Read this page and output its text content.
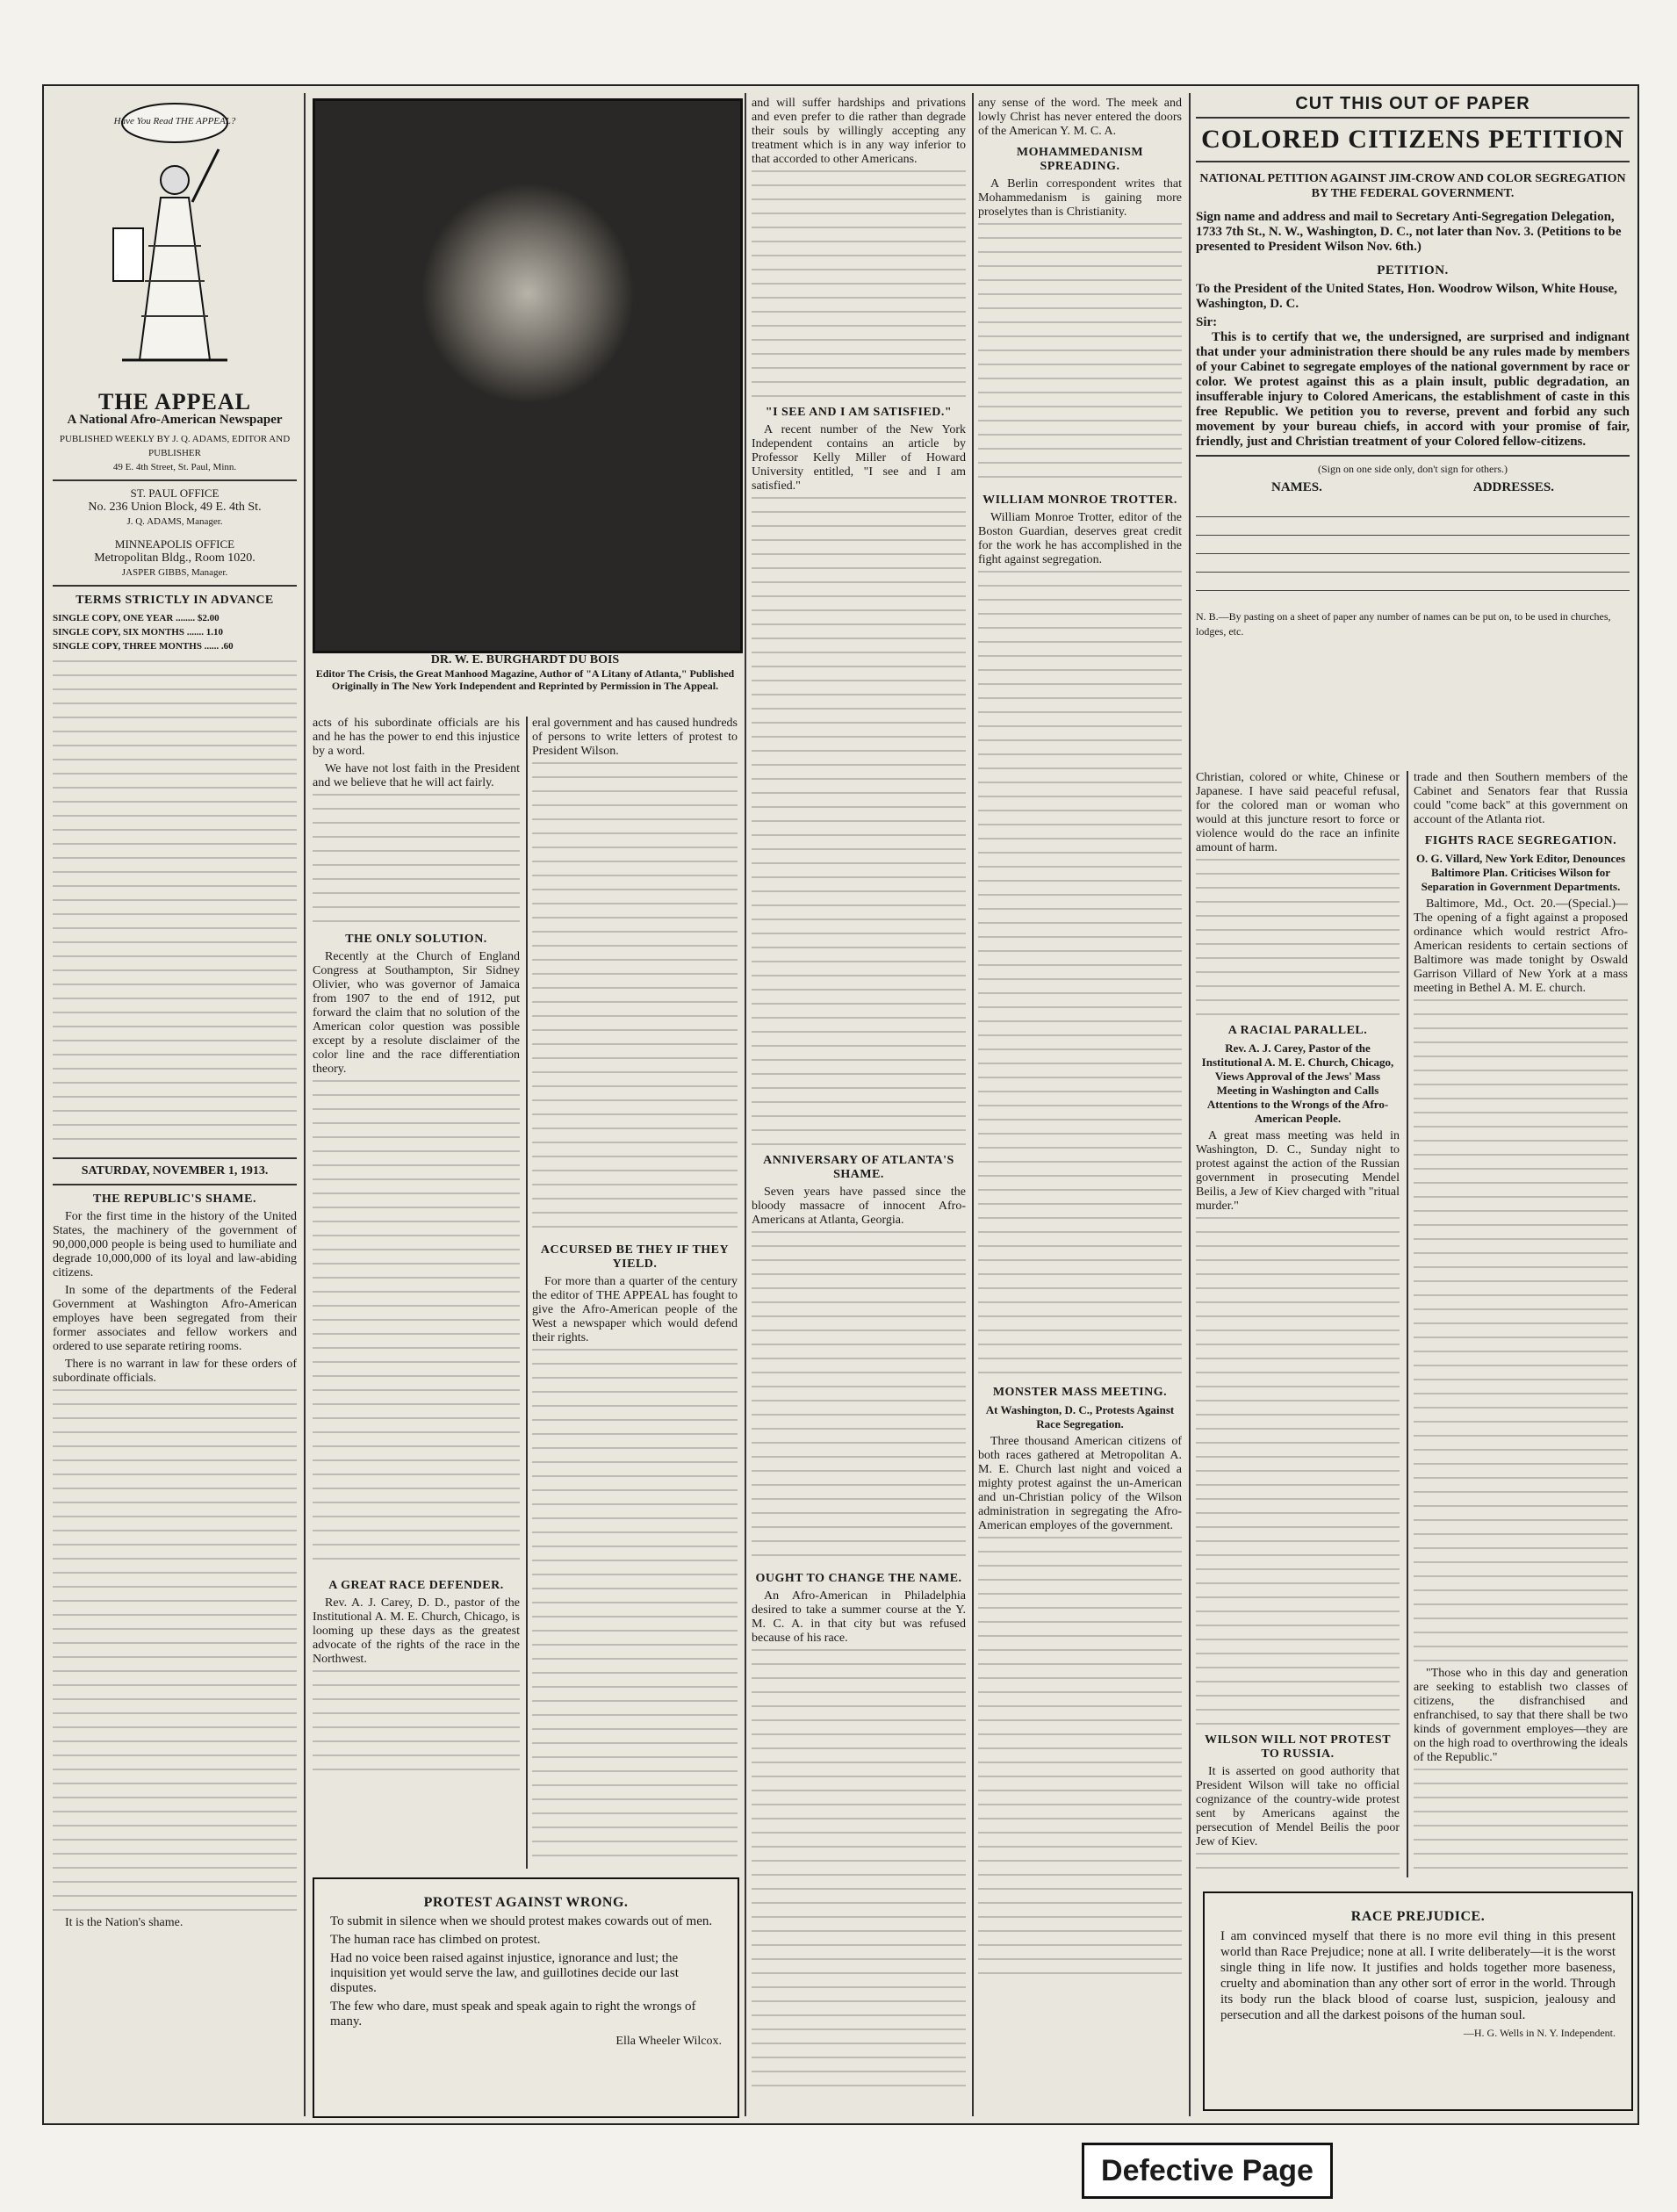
Have You Read THE APPEAL?
THE APPEAL
A National Afro-American Newspaper
PUBLISHED WEEKLY BY J. Q. ADAMS, EDITOR AND PUBLISHER
49 E. 4th Street, St. Paul, Minn.
ST. PAUL OFFICE
No. 236 Union Block, 49 E. 4th St.
J. Q. ADAMS, Manager.
MINNEAPOLIS OFFICE
Metropolitan Bldg., Room 1020.
JASPER GIBBS, Manager.
TERMS STRICTLY IN ADVANCE
SINGLE COPY, ONE YEAR ........ $2.00
SINGLE COPY, SIX MONTHS ....... 1.10
SINGLE COPY, THREE MONTHS ...... .60
SATURDAY, NOVEMBER 1, 1913.
THE REPUBLIC'S SHAME.

For the first time in the history of the United States, the machinery of the government of 90,000,000 people is being used to humiliate and degrade 10,000,000 of its loyal and law-abiding citizens.

In some of the departments of the Federal Government at Washington Afro-American employes have been segregated from their former associates and fellow workers and ordered to use separate retiring rooms.

There is no warrant in law for these orders of subordinate officials.

It is the Nation's shame.

DR. W. E. BURGHARDT DU BOIS
Editor The Crisis, the Great Manhood Magazine, Author of "A Litany of Atlanta," Published Originally in The New York Independent and Reprinted by Permission in The Appeal.

acts of his subordinate officials are his and he has the power to end this injustice by a word.

We have not lost faith in the President and we believe that he will act fairly.

THE ONLY SOLUTION.

Recently at the Church of England Congress at Southampton, Sir Sidney Olivier, who was governor of Jamaica from 1907 to the end of 1912, put forward the claim that no solution of the American color question was possible except by a resolute disclaimer of the color line and the race differentiation theory.

A GREAT RACE DEFENDER.

Rev. A. J. Carey, D. D., pastor of the Institutional A. M. E. Church, Chicago, is looming up these days as the greatest advocate of the rights of the race in the Northwest.

eral government and has caused hundreds of persons to write letters of protest to President Wilson.

ACCURSED BE THEY IF THEY YIELD.

For more than a quarter of the century the editor of THE APPEAL has fought to give the Afro-American people of the West a newspaper which would defend their rights.

PROTEST AGAINST WRONG.

To submit in silence when we should protest makes cowards out of men.

The human race has climbed on protest.

Had no voice been raised against injustice, ignorance and lust; the inquisition yet would serve the law, and guillotines decide our last disputes.

The few who dare, must speak and speak again to right the wrongs of many.

Ella Wheeler Wilcox.

and will suffer hardships and privations and even prefer to die rather than degrade their souls by willingly accepting any treatment which is in any way inferior to that accorded to other Americans.

"I SEE AND I AM SATISFIED."

A recent number of the New York Independent contains an article by Professor Kelly Miller of Howard University entitled, "I see and I am satisfied."

ANNIVERSARY OF ATLANTA'S SHAME.

Seven years have passed since the bloody massacre of innocent Afro-Americans at Atlanta, Georgia.

OUGHT TO CHANGE THE NAME.

An Afro-American in Philadelphia desired to take a summer course at the Y. M. C. A. in that city but was refused because of his race.

any sense of the word. The meek and lowly Christ has never entered the doors of the American Y. M. C. A.

MOHAMMEDANISM SPREADING.

A Berlin correspondent writes that Mohammedanism is gaining more proselytes than is Christianity.

WILLIAM MONROE TROTTER.

William Monroe Trotter, editor of the Boston Guardian, deserves great credit for the work he has accomplished in the fight against segregation.

MONSTER MASS MEETING.
At Washington, D. C., Protests Against Race Segregation.

Three thousand American citizens of both races gathered at Metropolitan A. M. E. Church last night and voiced a mighty protest against the un-American and un-Christian policy of the Wilson administration in segregating the Afro-American employes of the government.

CUT THIS OUT OF PAPER
COLORED CITIZENS PETITION
NATIONAL PETITION AGAINST JIM-CROW AND COLOR SEGREGATION BY THE FEDERAL GOVERNMENT.
Sign name and address and mail to Secretary Anti-Segregation Delegation, 1733 7th St., N. W., Washington, D. C., not later than Nov. 3. (Petitions to be presented to President Wilson Nov. 6th.)
PETITION.
To the President of the United States, Hon. Woodrow Wilson, White House, Washington, D. C.
Sir:
This is to certify that we, the undersigned, are surprised and indignant that under your administration there should be any rules made by members of your Cabinet to segregate employes of the national government by race or color. We protest against this as a plain insult, public degradation, an insufferable injury to Colored Americans, the establishment of caste in this free Republic. We petition you to reverse, prevent and forbid any such movement by your bureau chiefs, in accord with your promise of fair, friendly, just and Christian treatment of your Colored fellow-citizens.
(Sign on one side only, don't sign for others.)
NAMES.	ADDRESSES.
N. B.—By pasting on a sheet of paper any number of names can be put on, to be used in churches, lodges, etc.

Christian, colored or white, Chinese or Japanese. I have said peaceful refusal, for the colored man or woman who would at this juncture resort to force or violence would do the race an infinite amount of harm.

A RACIAL PARALLEL.
Rev. A. J. Carey, Pastor of the Institutional A. M. E. Church, Chicago, Views Approval of the Jews' Mass Meeting in Washington and Calls Attentions to the Wrongs of the Afro-American People.

A great mass meeting was held in Washington, D. C., Sunday night to protest against the action of the Russian government in prosecuting Mendel Beilis, a Jew of Kiev charged with "ritual murder."

WILSON WILL NOT PROTEST TO RUSSIA.

It is asserted on good authority that President Wilson will take no official cognizance of the country-wide protest sent by Americans against the persecution of Mendel Beilis the poor Jew of Kiev.

trade and then Southern members of the Cabinet and Senators fear that Russia could "come back" at this government on account of the Atlanta riot.

FIGHTS RACE SEGREGATION.
O. G. Villard, New York Editor, Denounces Baltimore Plan. Criticises Wilson for Separation in Government Departments.

Baltimore, Md., Oct. 20.—(Special.)—The opening of a fight against a proposed ordinance which would restrict Afro-American residents to certain sections of Baltimore was made tonight by Oswald Garrison Villard of New York at a mass meeting in Bethel A. M. E. church.

"Those who in this day and generation are seeking to establish two classes of citizens, the disfranchised and enfranchised, to say that there shall be two kinds of government employes—they are on the high road to overthrowing the ideals of the Republic."

RACE PREJUDICE.
I am convinced myself that there is no more evil thing in this present world than Race Prejudice; none at all. I write deliberately—it is the worst single thing in life now. It justifies and holds together more baseness, cruelty and abomination than any other sort of error in the world. Through its body run the black blood of coarse lust, suspicion, jealousy and persecution and all the darkest poisons of the human soul.
—H. G. Wells in N. Y. Independent.
Defective Page
